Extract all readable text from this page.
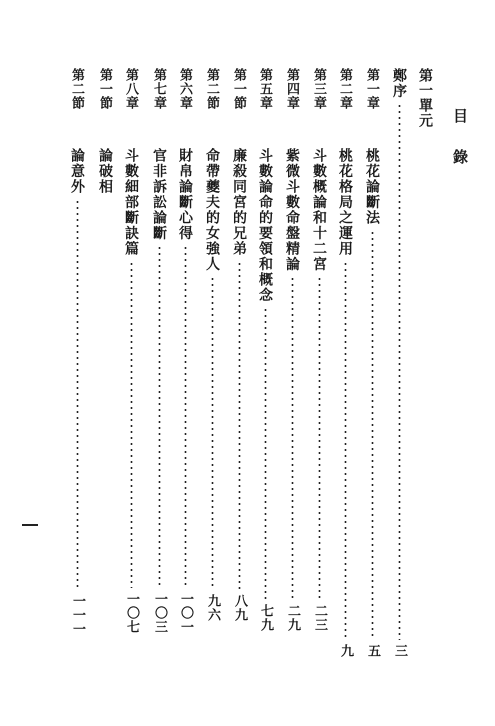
目錄
第一單元
鄭序
三
第一章
桃花論斷法
五
第二章
桃花格局之運用
九
第三章
斗數概論和十二宮
二三
第四章
紫微斗數命盤精論
二九
第五章
斗數論命的要領和概念
七九
第一節
廉殺同宮的兄弟
八九
第二節
命帶夔夫的女強人
九六
第六章
財帛論斷心得
一〇一
第七章
官非訴訟論斷
一〇三
第八章
斗數細部斷訣篇
一〇七
第一節
論破相
第二節
論意外
一一一
